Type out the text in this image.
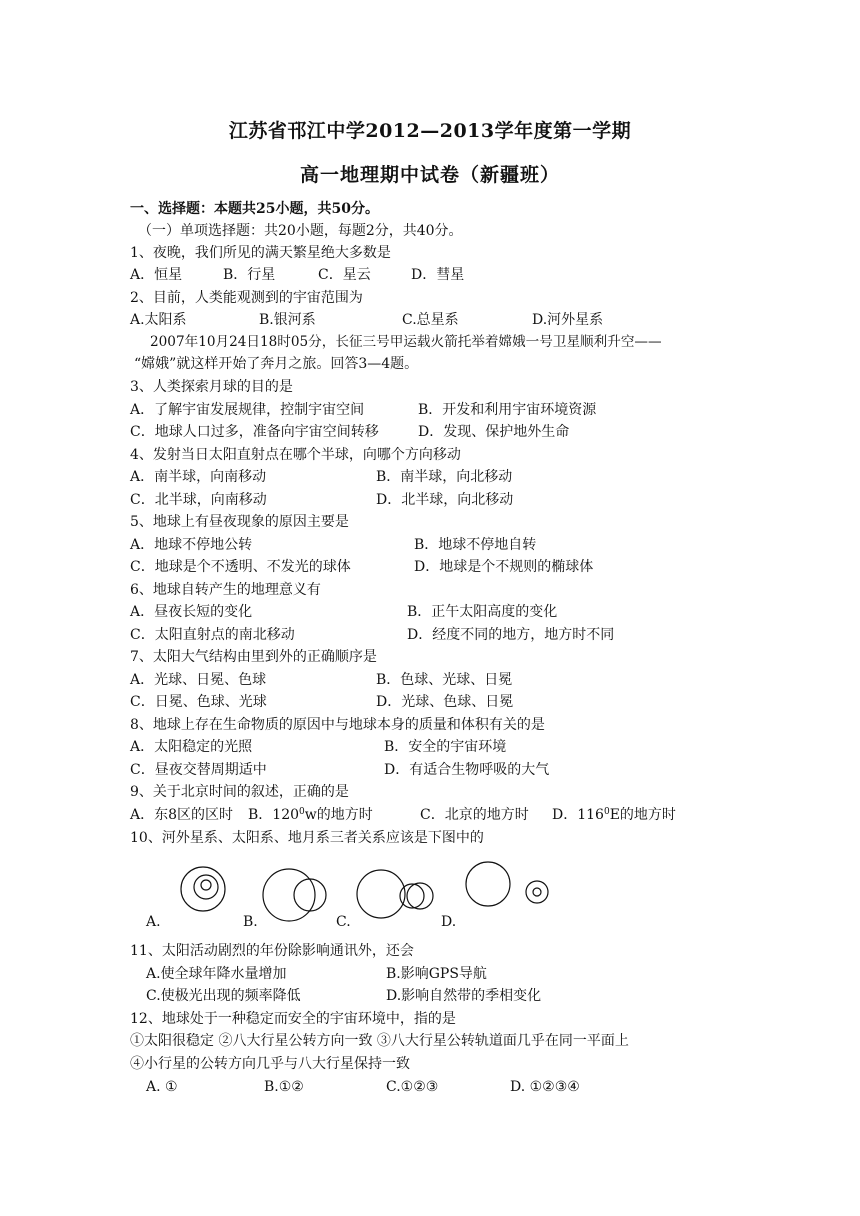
江苏省邗江中学2012—2013学年度第一学期
高一地理期中试卷（新疆班）
一、选择题：本题共25小题，共50分。
（一）单项选择题：共20小题，每题2分，共40分。
1、夜晚，我们所见的满天繁星绝大多数是
A．恒星	B．行星	C．星云	D．彗星
2、目前，人类能观测到的宇宙范围为
A.太阳系	B.银河系	C.总星系	D.河外星系
2007年10月24日18时05分，长征三号甲运载火箭托举着嫦娥一号卫星顺利升空——
“嫦娥”就这样开始了奔月之旅。回答3—4题。
3、人类探索月球的目的是
A．了解宇宙发展规律，控制宇宙空间	B．开发和利用宇宙环境资源
C．地球人口过多，准备向宇宙空间转移	D．发现、保护地外生命
4、发射当日太阳直射点在哪个半球，向哪个方向移动
A．南半球，向南移动	B．南半球，向北移动
C．北半球，向南移动	D．北半球，向北移动
5、地球上有昼夜现象的原因主要是
A．地球不停地公转	B．地球不停地自转
C．地球是个不透明、不发光的球体	D．地球是个不规则的椭球体
6、地球自转产生的地理意义有
A．昼夜长短的变化	B．正午太阳高度的变化
C．太阳直射点的南北移动	D．经度不同的地方，地方时不同
7、太阳大气结构由里到外的正确顺序是
A．光球、日冕、色球	B．色球、光球、日冕
C．日冕、色球、光球	D．光球、色球、日冕
8、地球上存在生命物质的原因中与地球本身的质量和体积有关的是
A．太阳稳定的光照	B．安全的宇宙环境
C．昼夜交替周期适中	D．有适合生物呼吸的大气
9、关于北京时间的叙述，正确的是
A．东8区的区时 B．$120^0w$的地方时	C．北京的地方时 D．$116^0E$的地方时
10、河外星系、太阳系、地月系三者关系应该是下图中的
A.	B.	C.	D.
11、太阳活动剧烈的年份除影响通讯外，还会
A.使全球年降水量增加	B.影响GPS导航
C.使极光出现的频率降低	D.影响自然带的季相变化
12、地球处于一种稳定而安全的宇宙环境中，指的是
①太阳很稳定 ②八大行星公转方向一致 ③八大行星公转轨道面几乎在同一平面上
④小行星的公转方向几乎与八大行星保持一致
A. ①	B.①②	C.①②③	D. ①②③④
